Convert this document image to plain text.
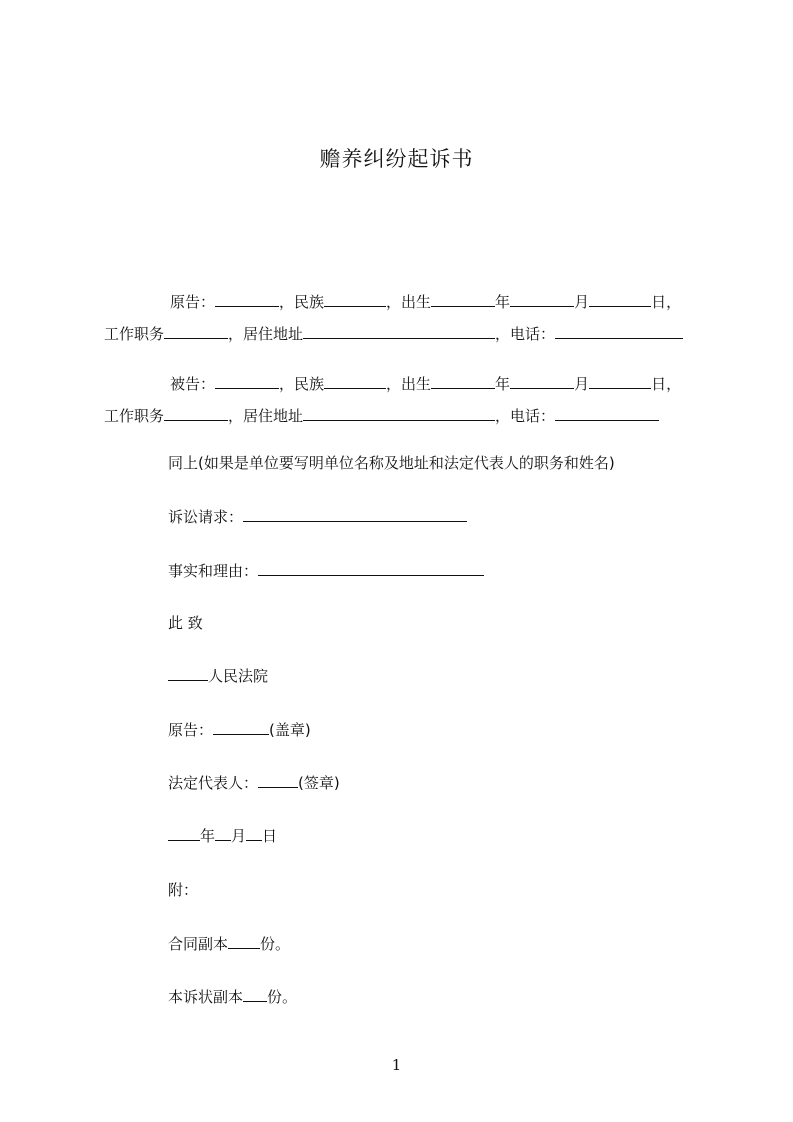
赡养纠纷起诉书
原告：	，民族	，出生	年	月	日，
工作职务	，居住地址	，电话：
被告：	，民族	，出生	年	月	日，
工作职务	，居住地址	，电话：
同上(如果是单位要写明单位名称及地址和法定代表人的职务和姓名)
诉讼请求：
事实和理由：
此 致
人民法院
原告：	(盖章)
法定代表人：	(签章)
年 月 日
附：
合同副本 份。
本诉状副本 份。
1
